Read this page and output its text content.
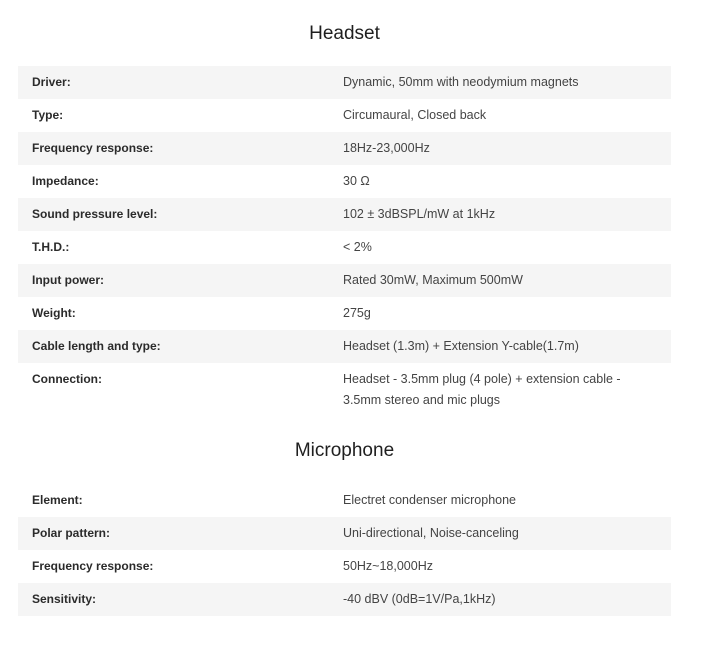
Headset
Driver:	Dynamic, 50mm with neodymium magnets
Type:	Circumaural, Closed back
Frequency response:	18Hz-23,000Hz
Impedance:	30 Ω
Sound pressure level:	102 ± 3dBSPL/mW at 1kHz
T.H.D.:	< 2%
Input power:	Rated 30mW, Maximum 500mW
Weight:	275g
Cable length and type:	Headset (1.3m) + Extension Y-cable(1.7m)
Connection:	Headset - 3.5mm plug (4 pole) + extension cable - 3.5mm stereo and mic plugs
Microphone
Element:	Electret condenser microphone
Polar pattern:	Uni-directional, Noise-canceling
Frequency response:	50Hz~18,000Hz
Sensitivity:	-40 dBV (0dB=1V/Pa,1kHz)
